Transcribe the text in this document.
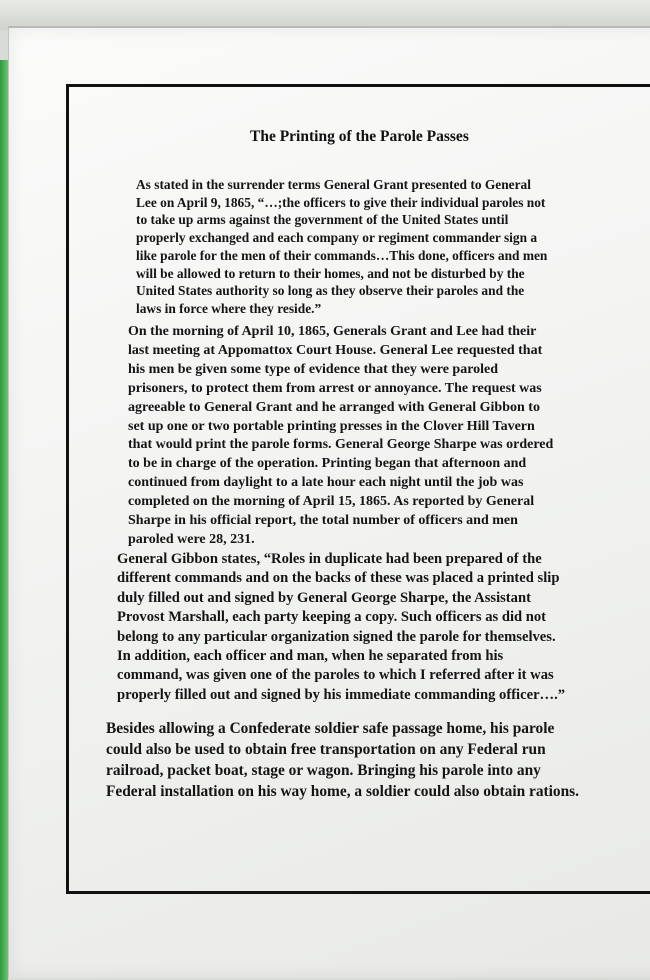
The Printing of the Parole Passes
As stated in the surrender terms General Grant presented to General
Lee on April 9, 1865, “…;the officers to give their individual paroles not
to take up arms against the government of the United States until
properly exchanged and each company or regiment commander sign a
like parole for the men of their commands…This done, officers and men
will be allowed to return to their homes, and not be disturbed by the
United States authority so long as they observe their paroles and the
laws in force where they reside.”
On the morning of April 10, 1865, Generals Grant and Lee had their
last meeting at Appomattox Court House. General Lee requested that
his men be given some type of evidence that they were paroled
prisoners, to protect them from arrest or annoyance. The request was
agreeable to General Grant and he arranged with General Gibbon to
set up one or two portable printing presses in the Clover Hill Tavern
that would print the parole forms. General George Sharpe was ordered
to be in charge of the operation. Printing began that afternoon and
continued from daylight to a late hour each night until the job was
completed on the morning of April 15, 1865. As reported by General
Sharpe in his official report, the total number of officers and men
paroled were 28, 231.
General Gibbon states, “Roles in duplicate had been prepared of the
different commands and on the backs of these was placed a printed slip
duly filled out and signed by General George Sharpe, the Assistant
Provost Marshall, each party keeping a copy. Such officers as did not
belong to any particular organization signed the parole for themselves.
In addition, each officer and man, when he separated from his
command, was given one of the paroles to which I referred after it was
properly filled out and signed by his immediate commanding officer….”
Besides allowing a Confederate soldier safe passage home, his parole
could also be used to obtain free transportation on any Federal run
railroad, packet boat, stage or wagon. Bringing his parole into any
Federal installation on his way home, a soldier could also obtain rations.
